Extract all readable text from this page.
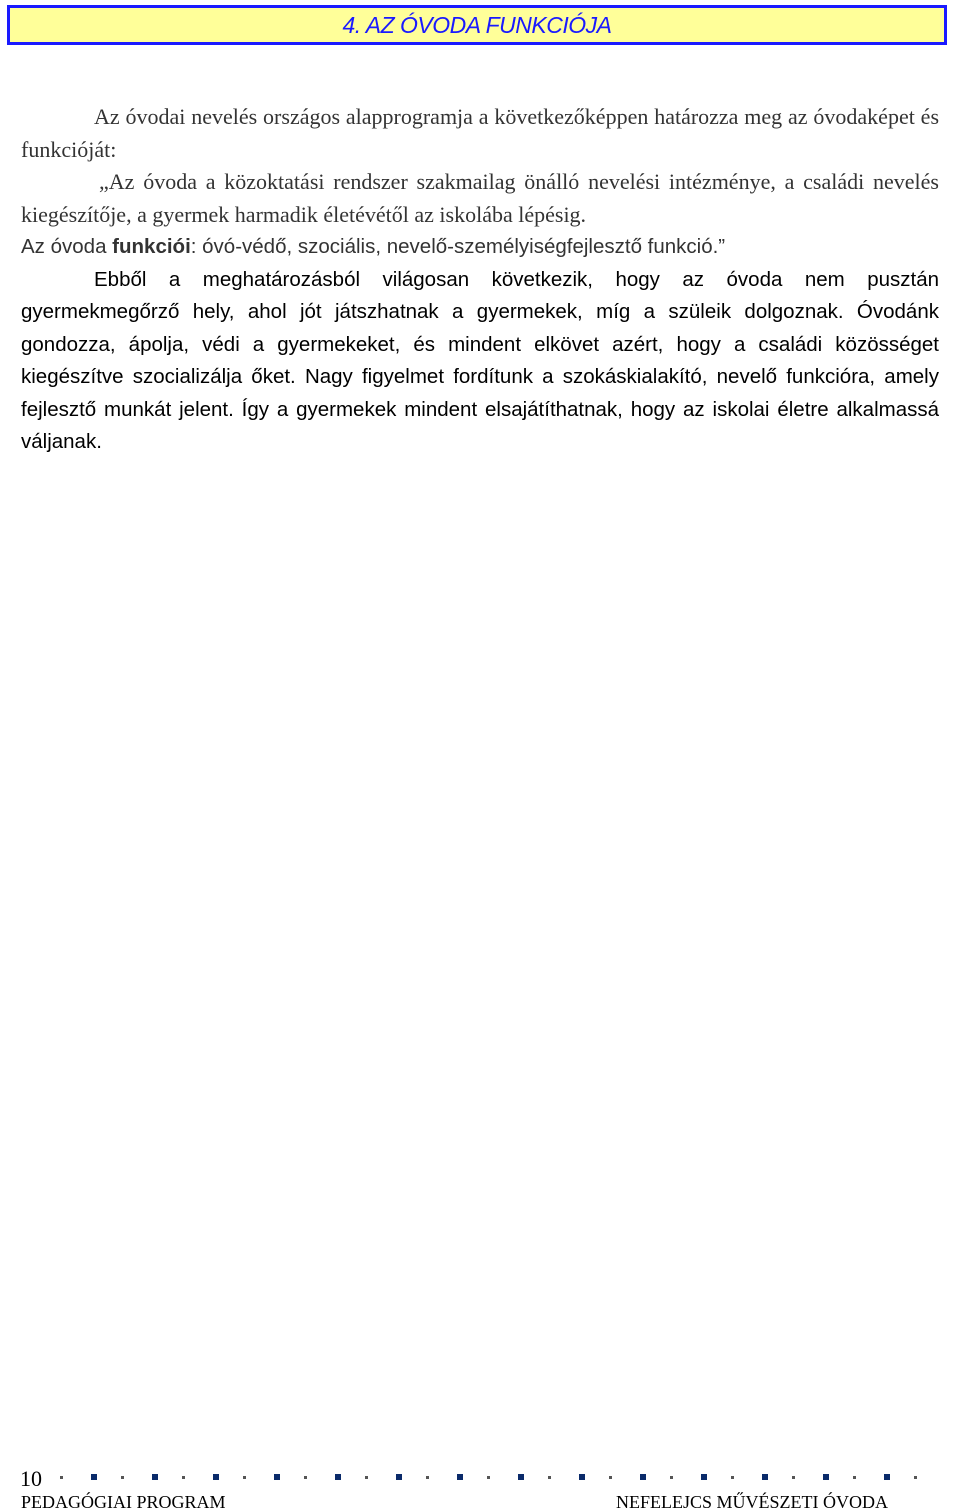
4. AZ ÓVODA FUNKCIÓJA

Az óvodai nevelés országos alapprogramja a következőképpen határozza meg az óvodaképet és funkcióját:

„Az óvoda a közoktatási rendszer szakmailag önálló nevelési intézménye, a családi nevelés kiegészítője, a gyermek harmadik életévétől az iskolába lépésig.

Az óvoda funkciói: óvó-védő, szociális, nevelő-személyiségfejlesztő funkció.”

Ebből a meghatározásból világosan következik, hogy az óvoda nem pusztán gyermekmegőrző hely, ahol jót játszhatnak a gyermekek, míg a szüleik dolgoznak. Óvodánk gondozza, ápolja, védi a gyermekeket, és mindent elkövet azért, hogy a családi közösséget kiegészítve szocializálja őket. Nagy figyelmet fordítunk a szokáskialakító, nevelő funkcióra, amely fejlesztő munkát jelent. Így a gyermekek mindent elsajátíthatnak, hogy az iskolai életre alkalmassá váljanak.

10
PEDAGÓGIAI PROGRAM	NEFELEJCS MŰVÉSZETI ÓVODA
